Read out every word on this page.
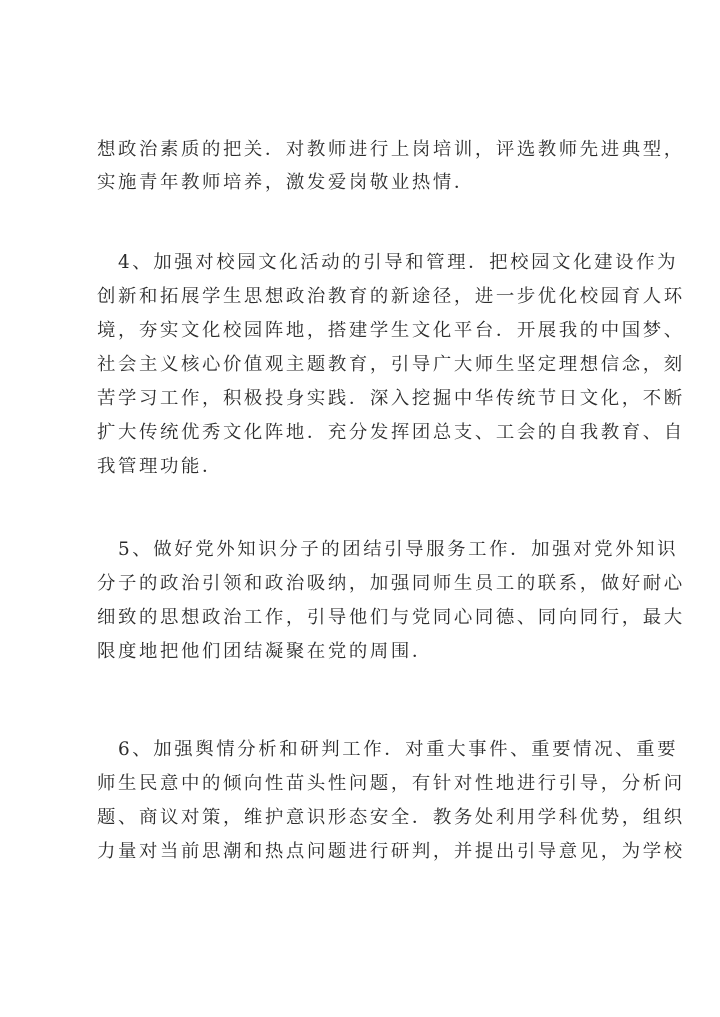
想政治素质的把关．对教师进行上岗培训，评选教师先进典型，
实施青年教师培养，激发爱岗敬业热情．
4、加强对校园文化活动的引导和管理．把校园文化建设作为
创新和拓展学生思想政治教育的新途径，进一步优化校园育人环
境，夯实文化校园阵地，搭建学生文化平台．开展我的中国梦、
社会主义核心价值观主题教育，引导广大师生坚定理想信念，刻
苦学习工作，积极投身实践．深入挖掘中华传统节日文化，不断
扩大传统优秀文化阵地．充分发挥团总支、工会的自我教育、自
我管理功能．
5、做好党外知识分子的团结引导服务工作．加强对党外知识
分子的政治引领和政治吸纳，加强同师生员工的联系，做好耐心
细致的思想政治工作，引导他们与党同心同德、同向同行，最大
限度地把他们团结凝聚在党的周围．
6、加强舆情分析和研判工作．对重大事件、重要情况、重要
师生民意中的倾向性苗头性问题，有针对性地进行引导，分析问
题、商议对策，维护意识形态安全．教务处利用学科优势，组织
力量对当前思潮和热点问题进行研判，并提出引导意见，为学校
